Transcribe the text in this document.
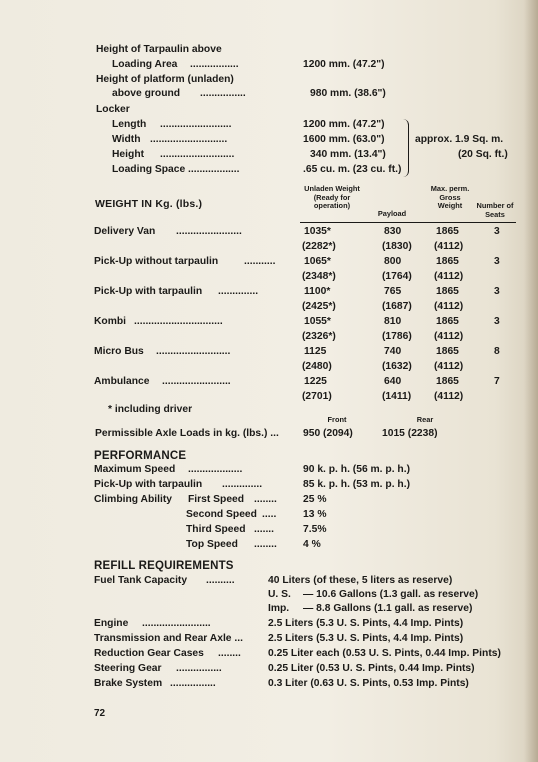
Height of Tarpaulin above
Loading Area .................	1200 mm. (47.2")
Height of platform (unladen)
above ground ................	980 mm. (38.6")
Locker
Length .........................	1200 mm. (47.2")
Width ...........................	1600 mm. (63.0")
Height ..........................	340 mm. (13.4")
Loading Space ..................	.65 cu. m. (23 cu. ft.)
approx. 1.9 Sq. m.
(20 Sq. ft.)
WEIGHT IN Kg. (lbs.)
Unladen Weight (Ready for operation)
Payload
Max. perm. Gross Weight	Number of Seats
Delivery Van .......................	1035*	830	1865	3
(2282*)	(1830) (4112)
Pick-Up without tarpaulin	...........	1065*	800	1865	3
(2348*)	(1764) (4112)
Pick-Up with tarpaulin ..............	1100*	765	1865	3
(2425*)	(1687) (4112)
Kombi ...............................	1055*	810	1865	3
(2326*)	(1786) (4112)
Micro Bus ..........................	1125	740	1865	8
(2480)	(1632) (4112)
Ambulance ........................	1225	640	1865	7
(2701)	(1411) (4112)
* including driver
Front	Rear
Permissible Axle Loads in kg. (lbs.) ... 950 (2094)	1015 (2238)
PERFORMANCE
Maximum Speed ...................	90 k. p. h. (56 m. p. h.)
Pick-Up with tarpaulin ..............	85 k. p. h. (53 m. p. h.)
Climbing Ability First Speed ........	25 %
Second Speed .....	13 %
Third Speed .......	7.5%
Top Speed ........	4 %
REFILL REQUIREMENTS
Fuel Tank Capacity ..........	40 Liters (of these, 5 liters as reserve)
U. S. — 10.6 Gallons (1.3 gall. as reserve)
Imp. — 8.8 Gallons (1.1 gall. as reserve)
Engine ........................	2.5 Liters (5.3 U. S. Pints, 4.4 Imp. Pints)
Transmission and Rear Axle ... 2.5 Liters (5.3 U. S. Pints, 4.4 Imp. Pints)
Reduction Gear Cases ........	0.25 Liter each (0.53 U. S. Pints, 0.44 Imp. Pints)
Steering Gear ................	0.25 Liter (0.53 U. S. Pints, 0.44 Imp. Pints)
Brake System ................	0.3 Liter (0.63 U. S. Pints, 0.53 Imp. Pints)
72
